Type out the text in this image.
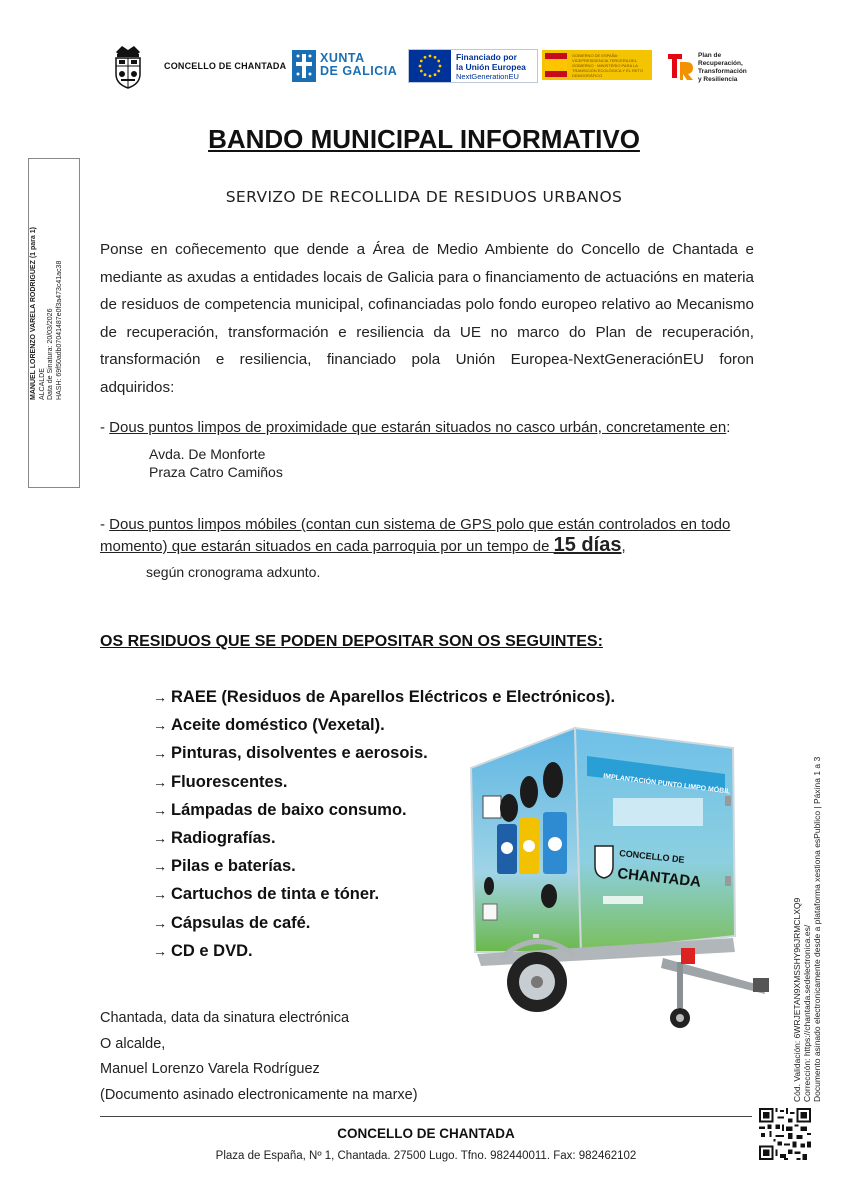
CONCELLO DE CHANTADA
XUNTA
DE GALICIA
Financiado por
la Unión Europea
NextGenerationEU
GOBIERNO DE ESPAÑA · VICEPRESIDENCIA TERCERA DEL GOBIERNO · MINISTERIO PARA LA TRANSICIÓN ECOLÓGICA Y EL RETO DEMOGRÁFICO
Plan de
Recuperación,
Transformación
y Resiliencia
MANUEL LORENZO VARELA RODRIGUEZ (1 para 1) ALCALDE Data de Sinatura: 20/03/2026 HASH: 69f50adb07041487e0f3a473c41ac38
Cód. Validación: 6WRJETAN9XMSSHY96JRMCLXQ9 Corrección: https://chantada.sedelectronica.es/ Documento asinado electronicamente desde a plataforma xestiona esPublico | Páxina 1 a 3
BANDO MUNICIPAL INFORMATIVO
SERVIZO DE RECOLLIDA DE RESIDUOS URBANOS

Ponse en coñecemento que dende a Área de Medio Ambiente do Concello de Chantada e mediante as axudas a entidades locais de Galicia para o financiamento de actuacións en materia de residuos de competencia municipal, cofinanciadas polo fondo europeo relativo ao Mecanismo de recuperación, transformación e resiliencia da UE no marco do Plan de recuperación, transformación e resiliencia, financiado pola Unión Europea-NextGeneraciónEU foron adquiridos:

- Dous puntos limpos de proximidade que estarán situados no casco urbán, concretamente en:
Avda. De Monforte
Praza Catro Camiños
- Dous puntos limpos móbiles (contan cun sistema de GPS polo que están controlados en todo momento) que estarán situados en cada parroquia por un tempo de 15 días,
según cronograma adxunto.
OS RESIDUOS QUE SE PODEN DEPOSITAR SON OS SEGUINTES:
→ RAEE (Residuos de Aparellos Eléctricos e Electrónicos).
→ Aceite doméstico (Vexetal).
→ Pinturas, disolventes e aerosois.
→ Fluorescentes.
→ Lámpadas de baixo consumo.
→ Radiografías.
→ Pilas e baterías.
→ Cartuchos de tinta e tóner.
→ Cápsulas de café.
→ CD e DVD.
IMPLANTACIÓN PUNTO LIMPO MÓBIL
CONCELLO DE
CHANTADA
Chantada, data da sinatura electrónica
O alcalde,
Manuel Lorenzo Varela Rodríguez
(Documento asinado electronicamente na marxe)
CONCELLO DE CHANTADA
Plaza de España, Nº 1, Chantada. 27500 Lugo. Tfno. 982440011. Fax: 982462102
